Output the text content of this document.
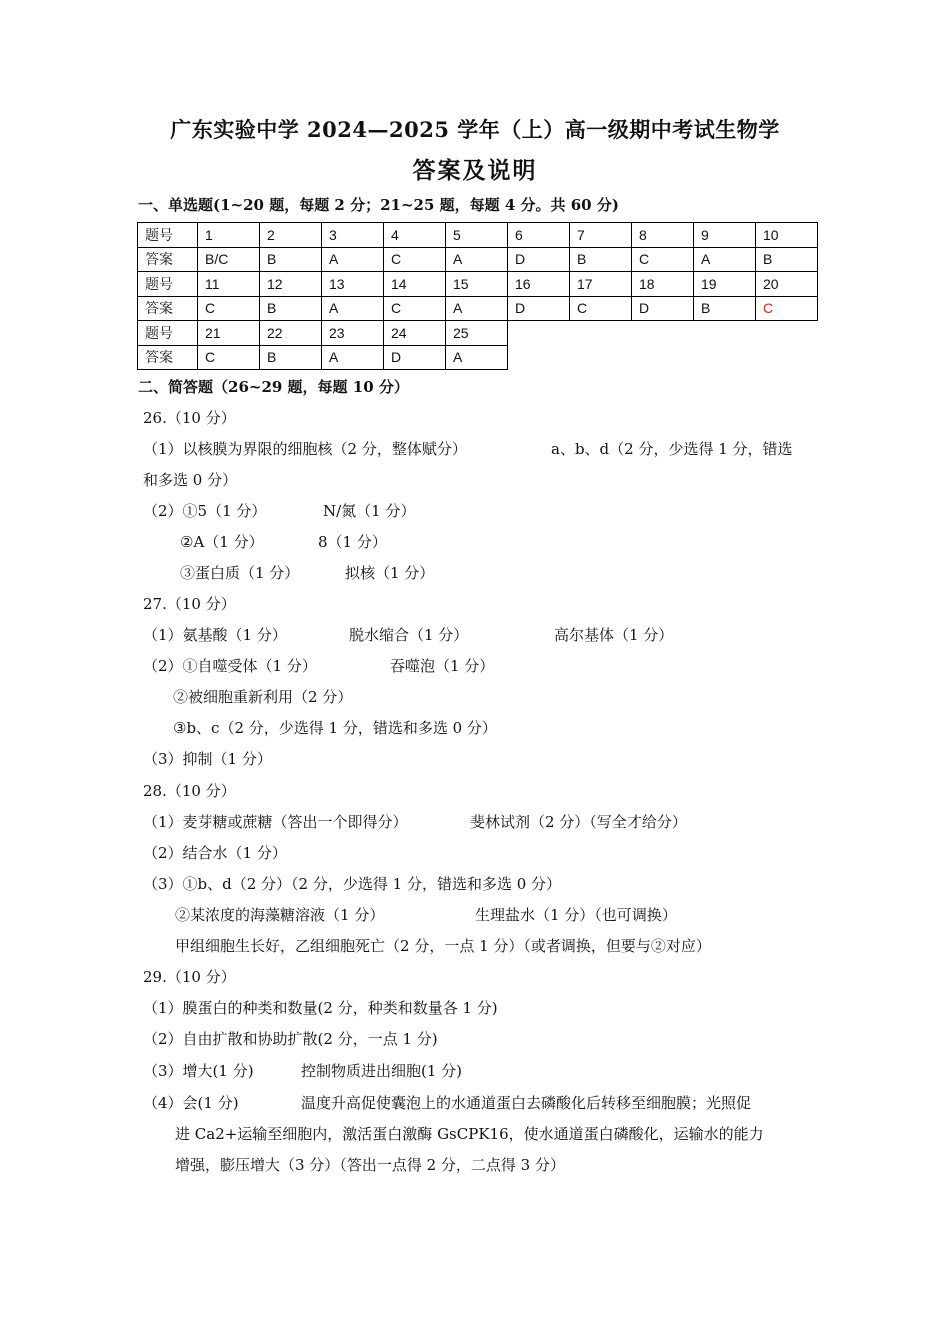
广东实验中学 2024—2025 学年（上）高一级期中考试生物学
答案及说明
一、单选题(1~20 题，每题 2 分；21~25 题，每题 4 分。共 60 分)
题号	1	2	3	4	5	6	7	8	9	10
答案	B/C	B	A	C	A	D	B	C	A	B
题号	11	12	13	14	15	16	17	18	19	20
答案	C	B	A	C	A	D	C	D	B	C
题号	21	22	23	24	25					
答案	C	B	A	D	A					
二、简答题（26~29 题，每题 10 分）
26.（10 分）
（1）以核膜为界限的细胞核（2 分，整体赋分）	a、b、d（2 分，少选得 1 分，错选
和多选 0 分）
（2）①5（1 分）	N/氮（1 分）
②A（1 分）	8（1 分）
③蛋白质（1 分）	拟核（1 分）
27.（10 分）
（1）氨基酸（1 分）	脱水缩合（1 分）	高尔基体（1 分）
（2）①自噬受体（1 分）	吞噬泡（1 分）
②被细胞重新利用（2 分）
③b、c（2 分，少选得 1 分，错选和多选 0 分）
（3）抑制（1 分）
28.（10 分）
（1）麦芽糖或蔗糖（答出一个即得分）	斐林试剂（2 分）（写全才给分）
（2）结合水（1 分）
（3）①b、d（2 分）（2 分，少选得 1 分，错选和多选 0 分）
②某浓度的海藻糖溶液（1 分）	生理盐水（1 分）（也可调换）
甲组细胞生长好，乙组细胞死亡（2 分，一点 1 分）（或者调换，但要与②对应）
29.（10 分）
（1）膜蛋白的种类和数量(2 分，种类和数量各 1 分)
（2）自由扩散和协助扩散(2 分，一点 1 分)
（3）增大(1 分)	控制物质进出细胞(1 分)
（4）会(1 分)	温度升高促使囊泡上的水通道蛋白去磷酸化后转移至细胞膜；光照促
进 Ca2+运输至细胞内，激活蛋白激酶 GsCPK16，使水通道蛋白磷酸化，运输水的能力
增强，膨压增大（3 分）（答出一点得 2 分，二点得 3 分）
